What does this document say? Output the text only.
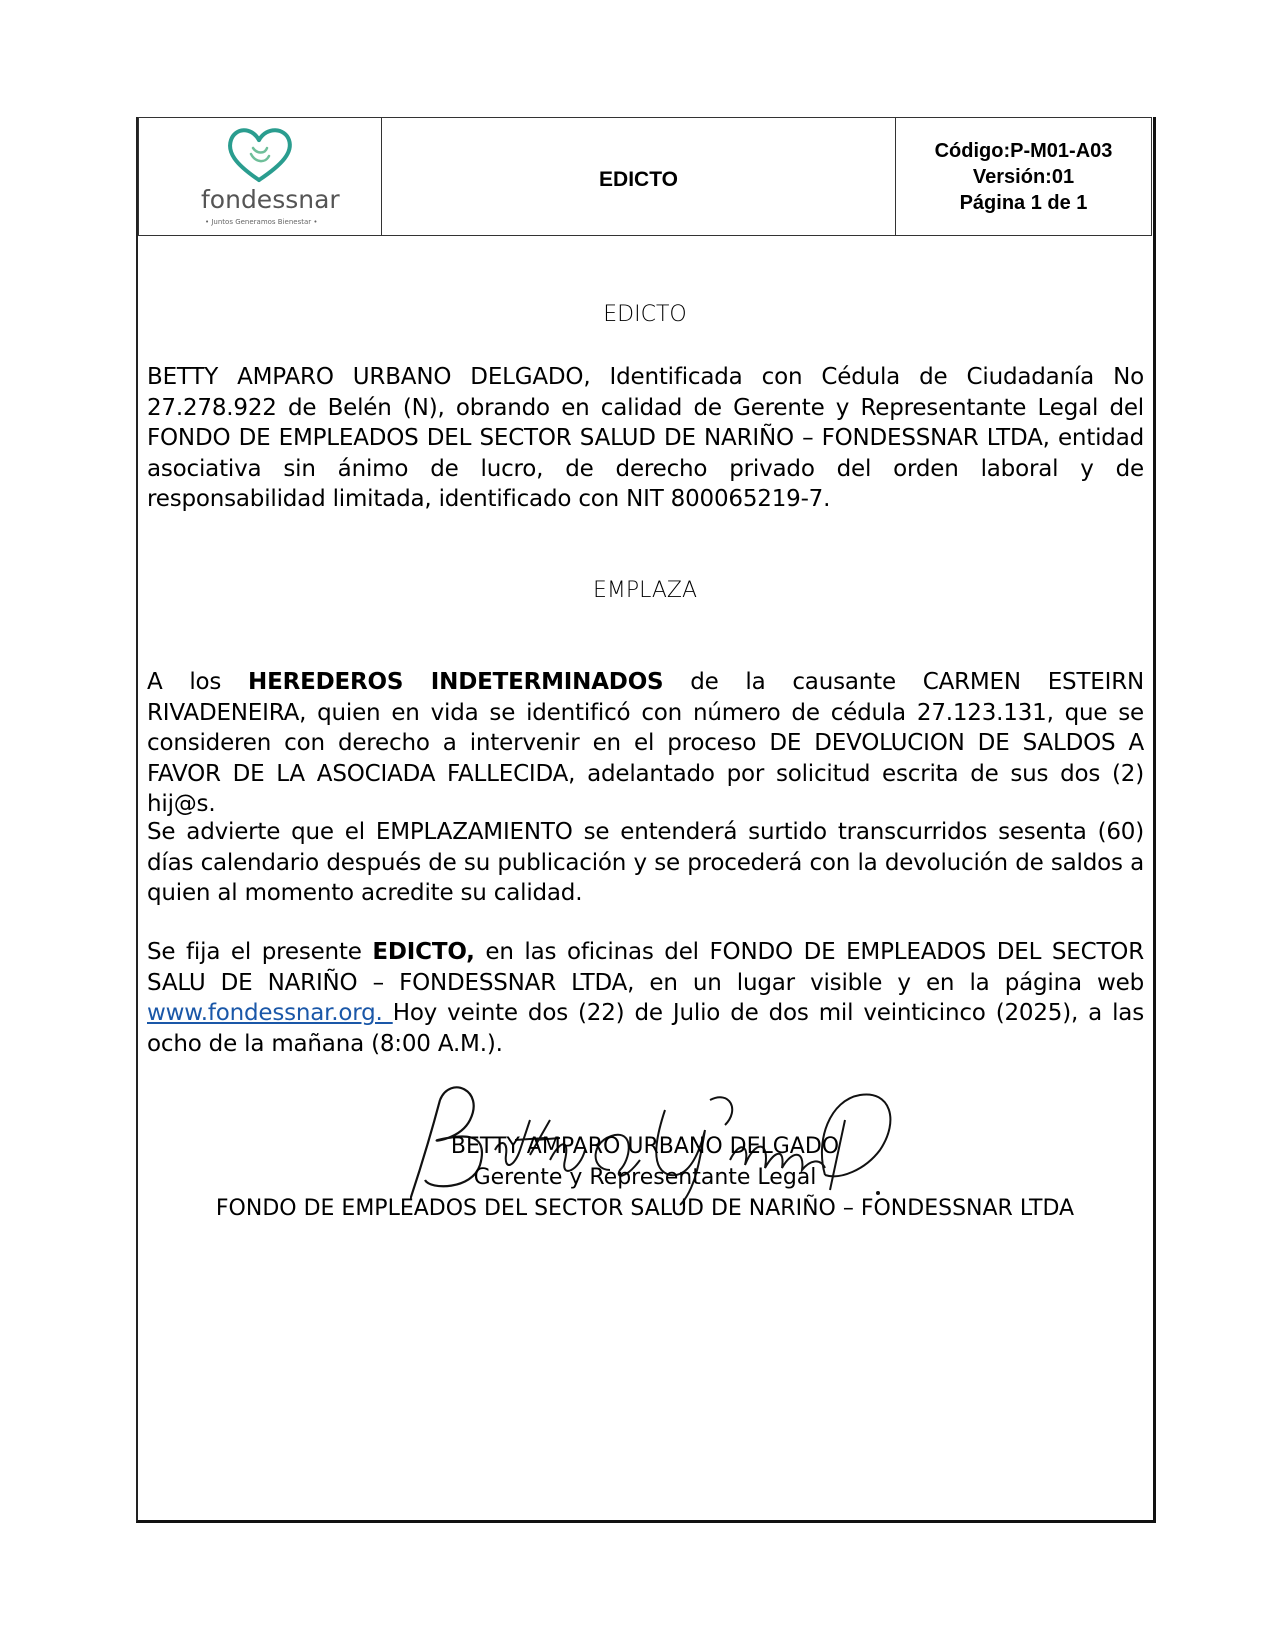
fondessnar
• Juntos Generamos Bienestar •
EDICTO
Código:P-M01-A03
Versión:01
Página 1 de 1
EDICTO

BETTY AMPARO URBANO DELGADO, Identificada con Cédula de Ciudadanía No 27.278.922 de Belén (N), obrando en calidad de Gerente y Representante Legal del FONDO DE EMPLEADOS DEL SECTOR SALUD DE NARIÑO – FONDESSNAR LTDA, entidad asociativa sin ánimo de lucro, de derecho privado del orden laboral y de responsabilidad limitada, identificado con NIT 800065219-7.

EMPLAZA

A los HEREDEROS INDETERMINADOS de la causante CARMEN ESTEIRN RIVADENEIRA, quien en vida se identificó con número de cédula 27.123.131, que se consideren con derecho a intervenir en el proceso DE DEVOLUCION DE SALDOS A FAVOR DE LA ASOCIADA FALLECIDA, adelantado por solicitud escrita de sus dos (2) hij@s.

Se advierte que el EMPLAZAMIENTO se entenderá surtido transcurridos sesenta (60) días calendario después de su publicación y se procederá con la devolución de saldos a quien al momento acredite su calidad.

Se fija el presente EDICTO, en las oficinas del FONDO DE EMPLEADOS DEL SECTOR SALU DE NARIÑO – FONDESSNAR LTDA, en un lugar visible y en la página web www.fondessnar.org. Hoy veinte dos (22) de Julio de dos mil veinticinco (2025), a las ocho de la mañana (8:00 A.M.).

BETTY AMPARO URBANO DELGADO
Gerente y Representante Legal
FONDO DE EMPLEADOS DEL SECTOR SALUD DE NARIÑO – FONDESSNAR LTDA
